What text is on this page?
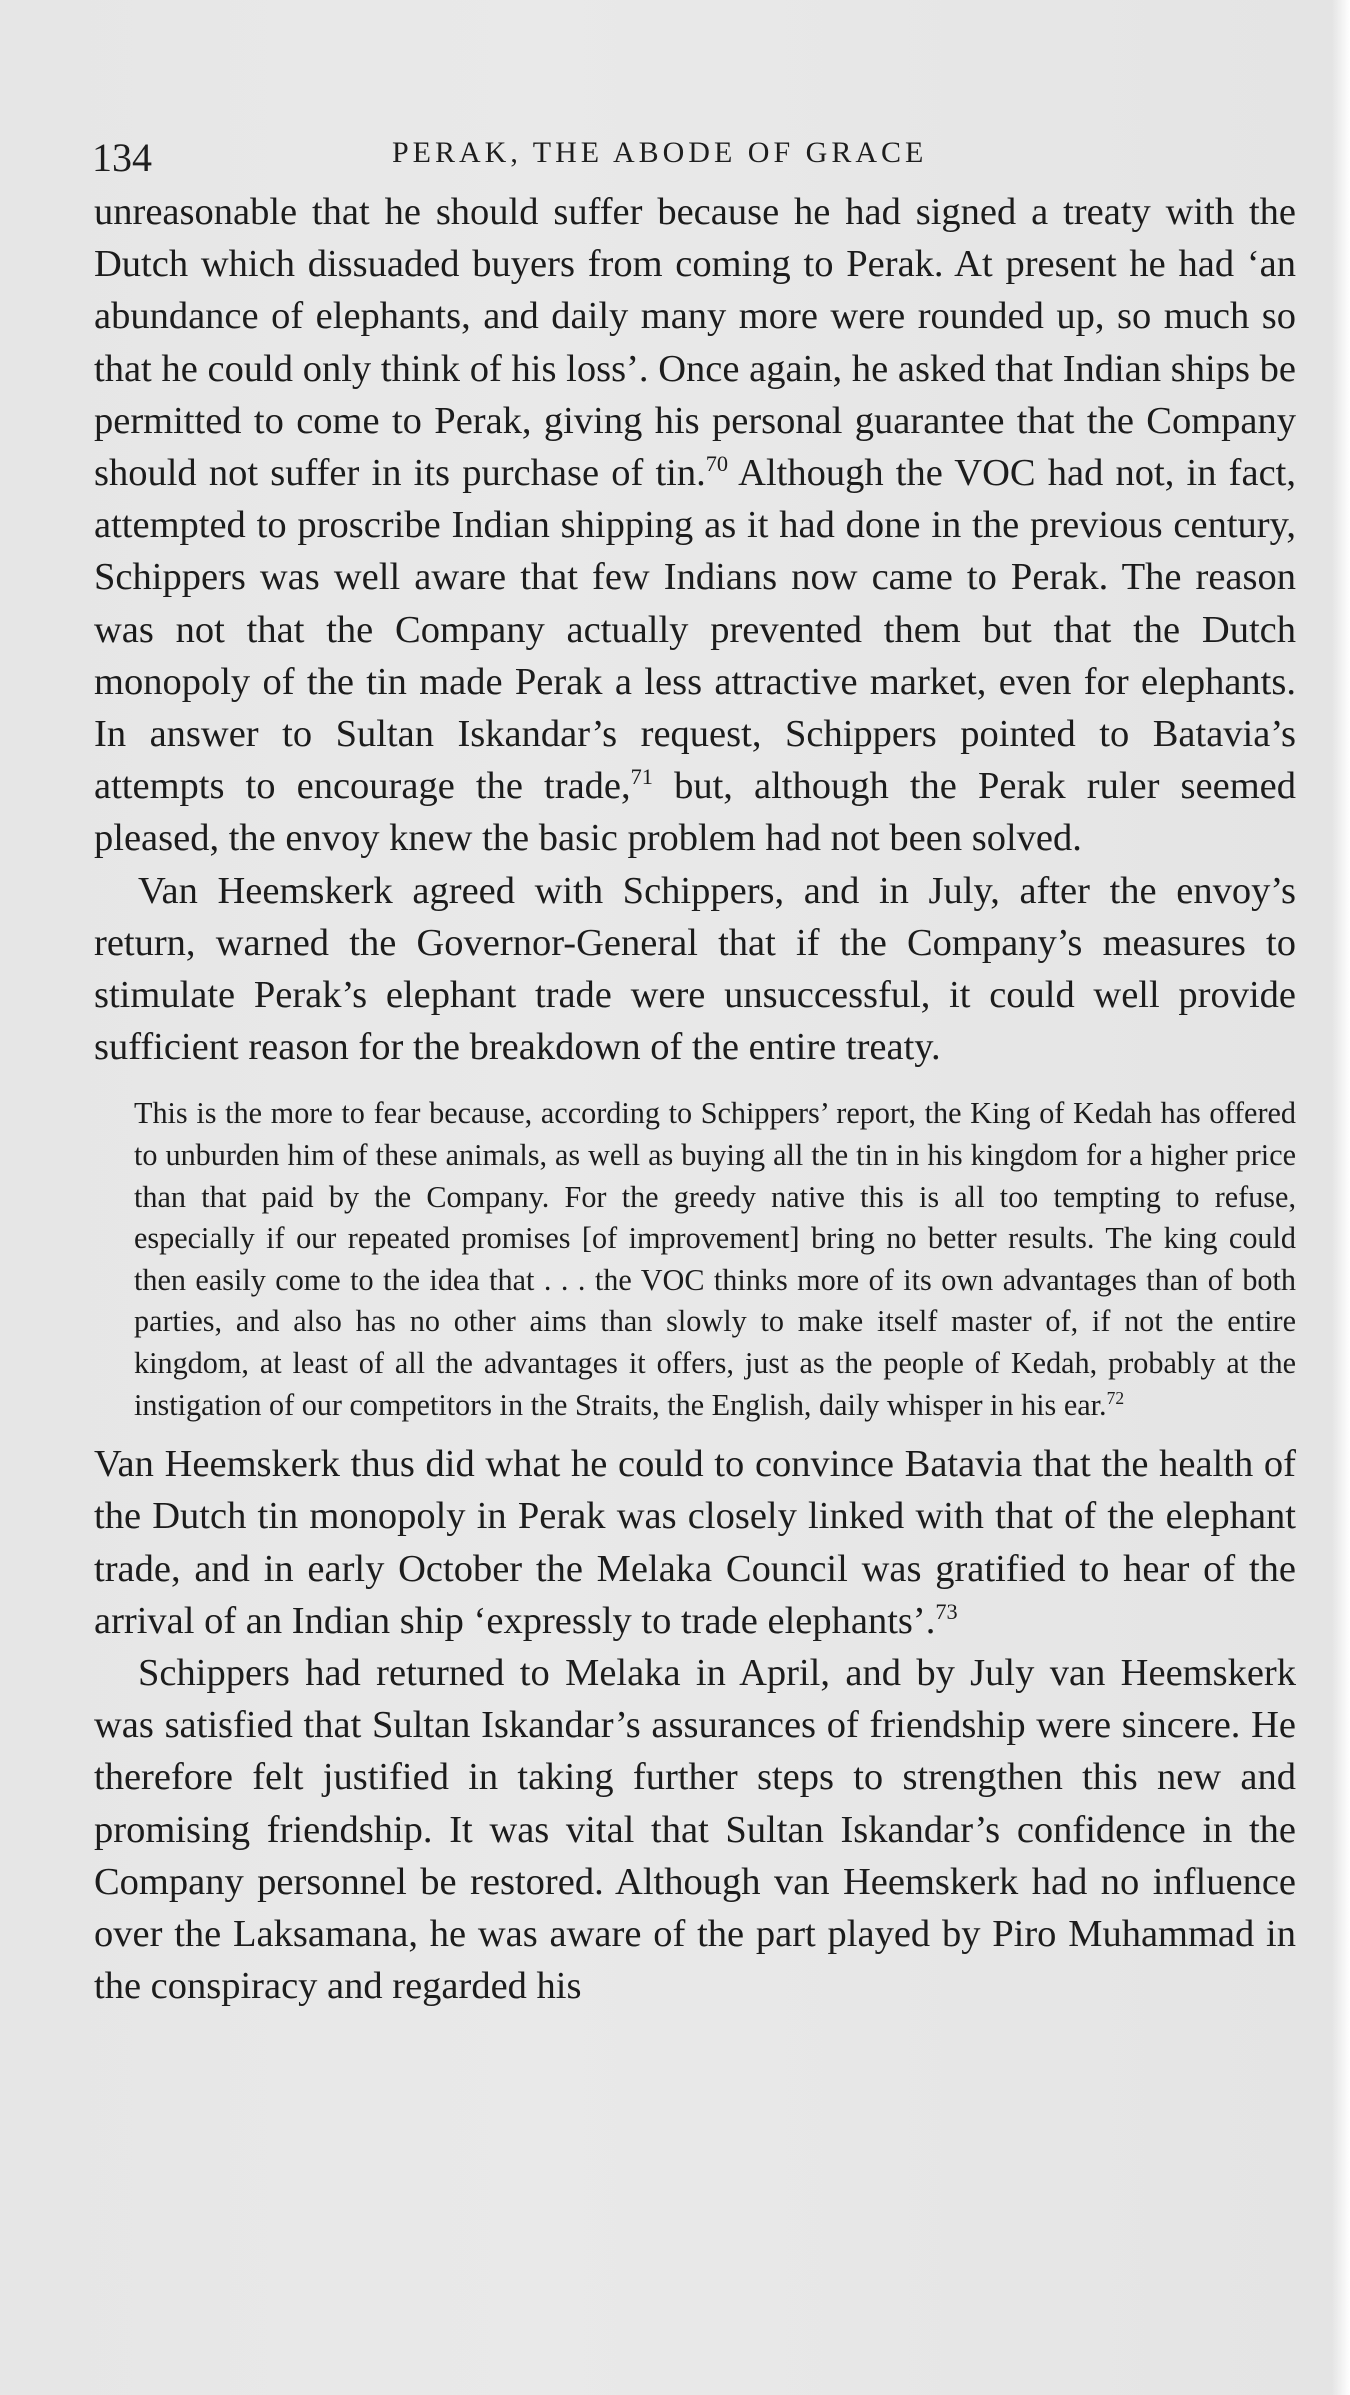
134	PERAK, THE ABODE OF GRACE

unreasonable that he should suffer because he had signed a treaty with the Dutch which dissuaded buyers from coming to Perak. At present he had ‘an abundance of elephants, and daily many more were rounded up, so much so that he could only think of his loss’. Once again, he asked that Indian ships be permitted to come to Perak, giving his personal guarantee that the Company should not suffer in its purchase of tin.$^{70}$ Although the VOC had not, in fact, attempted to proscribe Indian shipping as it had done in the previous century, Schippers was well aware that few Indians now came to Perak. The reason was not that the Company actually prevented them but that the Dutch monopoly of the tin made Perak a less attractive market, even for elephants. In answer to Sultan Iskandar’s request, Schippers pointed to Batavia’s attempts to encourage the trade,$^{71}$ but, although the Perak ruler seemed pleased, the envoy knew the basic problem had not been solved.

Van Heemskerk agreed with Schippers, and in July, after the envoy’s return, warned the Governor-General that if the Company’s measures to stimulate Perak’s elephant trade were unsuccessful, it could well provide sufficient reason for the breakdown of the entire treaty.

This is the more to fear because, according to Schippers’ report, the King of Kedah has offered to unburden him of these animals, as well as buying all the tin in his kingdom for a higher price than that paid by the Company. For the greedy native this is all too tempting to refuse, especially if our repeated promises [of improvement] bring no better results. The king could then easily come to the idea that . . . the VOC thinks more of its own advantages than of both parties, and also has no other aims than slowly to make itself master of, if not the entire kingdom, at least of all the advantages it offers, just as the people of Kedah, probably at the instigation of our competitors in the Straits, the English, daily whisper in his ear.$^{72}$

Van Heemskerk thus did what he could to convince Batavia that the health of the Dutch tin monopoly in Perak was closely linked with that of the elephant trade, and in early October the Melaka Council was gratified to hear of the arrival of an Indian ship ‘expressly to trade elephants’.$^{73}$

Schippers had returned to Melaka in April, and by July van Heemskerk was satisfied that Sultan Iskandar’s assurances of friendship were sincere. He therefore felt justified in taking further steps to strengthen this new and promising friendship. It was vital that Sultan Iskandar’s confidence in the Company personnel be restored. Although van Heemskerk had no influence over the Laksamana, he was aware of the part played by Piro Muhammad in the conspiracy and regarded his
